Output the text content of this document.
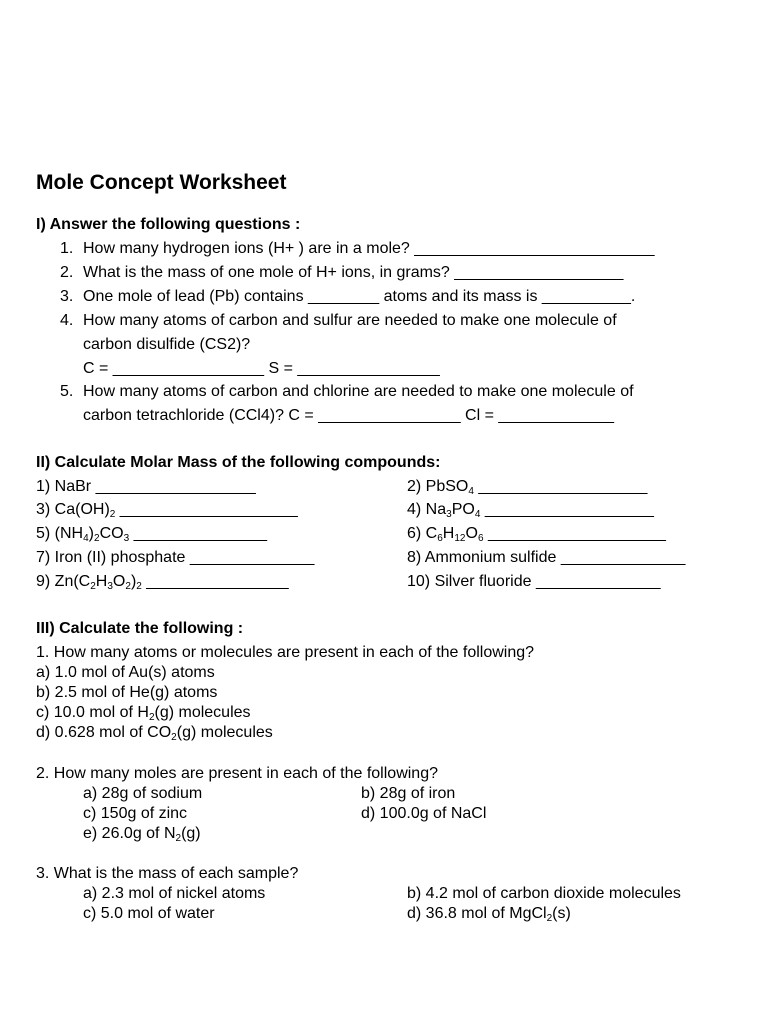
Mole Concept Worksheet
I) Answer the following questions :
1. How many hydrogen ions (H+ ) are in a mole? ___________________________
2. What is the mass of one mole of H+ ions, in grams? ___________________
3. One mole of lead (Pb) contains ________ atoms and its mass is __________.
4. How many atoms of carbon and sulfur are needed to make one molecule of
carbon disulfide (CS2)?
C = _________________ S = ________________
5. How many atoms of carbon and chlorine are needed to make one molecule of
carbon tetrachloride (CCl4)? C = ________________ Cl = _____________
II) Calculate Molar Mass of the following compounds:
1) NaBr __________________	2) PbSO$_4$ ___________________
3) $Ca(OH)_2$ ____________________	4) $Na_3PO_4$ ___________________
5) $(NH_4)_2CO_3$ _______________	6) $C_6H_{12}O_6$ ____________________
7) Iron (II) phosphate ______________	8) Ammonium sulfide ______________
9) $Zn(C_2H_3O_2)_2$ ________________	10) Silver fluoride ______________
III) Calculate the following :
1. How many atoms or molecules are present in each of the following?
a) 1.0 mol of Au(s) atoms
b) 2.5 mol of He(g) atoms
c) 10.0 mol of $H_2(g)$ molecules
d) 0.628 mol of $CO_2(g)$ molecules
2. How many moles are present in each of the following?
a) 28g of sodium	b) 28g of iron
c) 150g of zinc	d) 100.0g of NaCl
e) 26.0g of $N_2(g)$
3. What is the mass of each sample?
a) 2.3 mol of nickel atoms	b) 4.2 mol of carbon dioxide molecules
c) 5.0 mol of water	d) 36.8 mol of MgCl$_2$(s)
